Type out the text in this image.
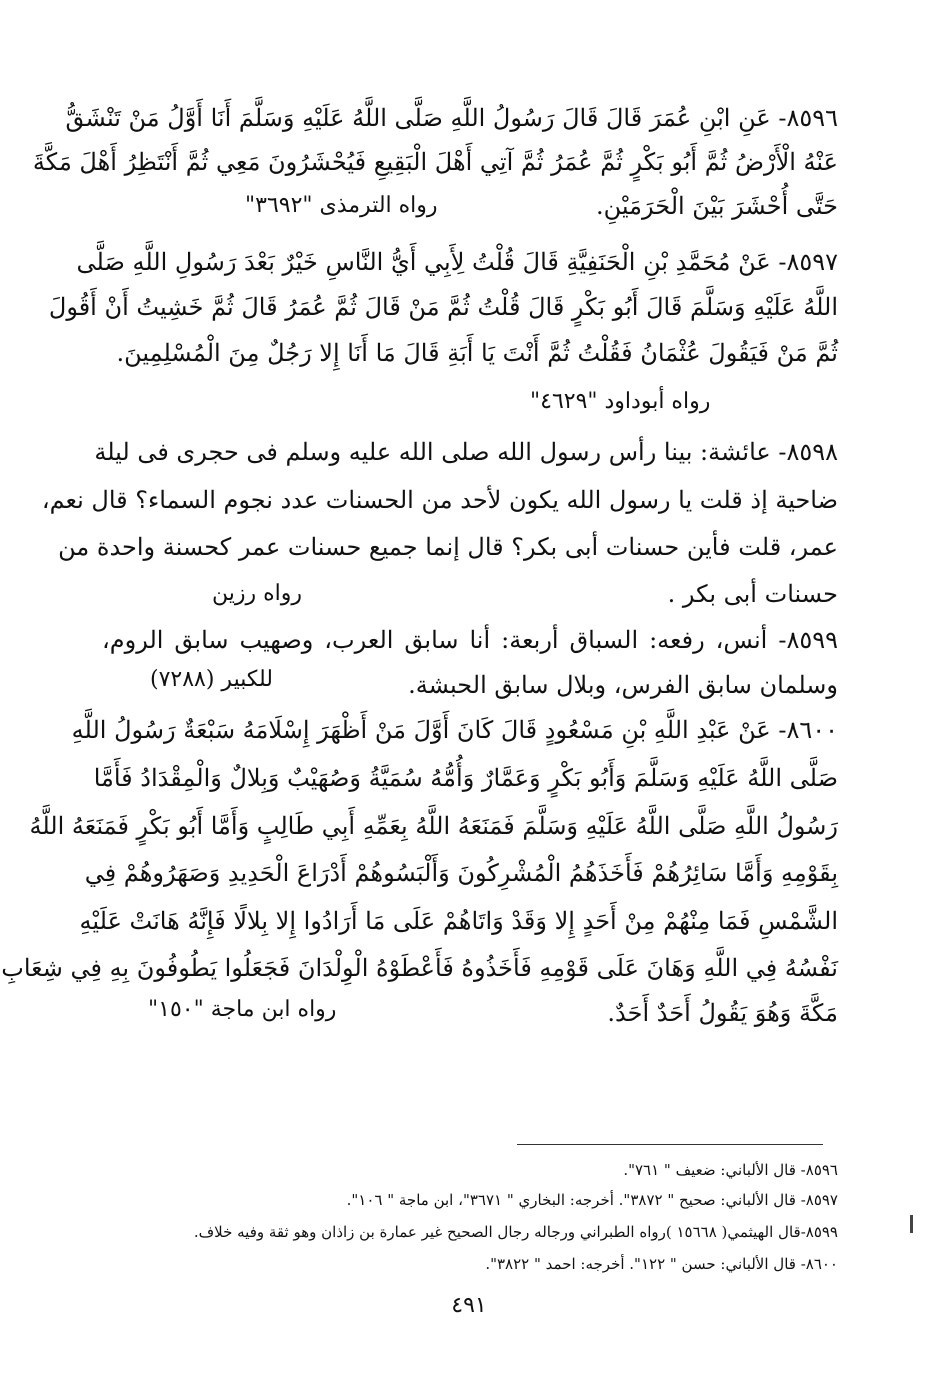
٨٥٩٦- عَنِ ابْنِ عُمَرَ قَالَ قَالَ رَسُولُ اللَّهِ صَلَّى اللَّهُ عَلَيْهِ وَسَلَّمَ أَنَا أَوَّلُ مَنْ تَنْشَقُّ
عَنْهُ الْأَرْضُ ثُمَّ أَبُو بَكْرٍ ثُمَّ عُمَرُ ثُمَّ آتِي أَهْلَ الْبَقِيعِ فَيُحْشَرُونَ مَعِي ثُمَّ أَنْتَظِرُ أَهْلَ مَكَّةَ
حَتَّى أُحْشَرَ بَيْنَ الْحَرَمَيْنِ.
رواه الترمذى "٣٦٩٢"
٨٥٩٧- عَنْ مُحَمَّدِ بْنِ الْحَنَفِيَّةِ قَالَ قُلْتُ لِأَبِي أَيُّ النَّاسِ خَيْرٌ بَعْدَ رَسُولِ اللَّهِ صَلَّى
اللَّهُ عَلَيْهِ وَسَلَّمَ قَالَ أَبُو بَكْرٍ قَالَ قُلْتُ ثُمَّ مَنْ قَالَ ثُمَّ عُمَرُ قَالَ ثُمَّ خَشِيتُ أَنْ أَقُولَ
ثُمَّ مَنْ فَيَقُولَ عُثْمَانُ فَقُلْتُ ثُمَّ أَنْتَ يَا أَبَةِ قَالَ مَا أَنَا إِلا رَجُلٌ مِنَ الْمُسْلِمِينَ.
رواه أبوداود "٤٦٢٩"
٨٥٩٨- عائشة: بينا رأس رسول الله صلى الله عليه وسلم فى حجرى فى ليلة
ضاحية إذ قلت يا رسول الله يكون لأحد من الحسنات عدد نجوم السماء؟ قال نعم،
عمر، قلت فأين حسنات أبى بكر؟ قال إنما جميع حسنات عمر كحسنة واحدة من
حسنات أبى بكر .
رواه رزين
٨٥٩٩- أنس، رفعه: السباق أربعة: أنا سابق العرب، وصهيب سابق الروم،
وسلمان سابق الفرس، وبلال سابق الحبشة.
للكبير (٧٢٨٨)
٨٦٠٠- عَنْ عَبْدِ اللَّهِ بْنِ مَسْعُودٍ قَالَ كَانَ أَوَّلَ مَنْ أَظْهَرَ إِسْلَامَهُ سَبْعَةٌ رَسُولُ اللَّهِ
صَلَّى اللَّهُ عَلَيْهِ وَسَلَّمَ وَأَبُو بَكْرٍ وَعَمَّارٌ وَأُمُّهُ سُمَيَّةُ وَصُهَيْبٌ وَبِلالٌ وَالْمِقْدَادُ فَأَمَّا
رَسُولُ اللَّهِ صَلَّى اللَّهُ عَلَيْهِ وَسَلَّمَ فَمَنَعَهُ اللَّهُ بِعَمِّهِ أَبِي طَالِبٍ وَأَمَّا أَبُو بَكْرٍ فَمَنَعَهُ اللَّهُ
بِقَوْمِهِ وَأَمَّا سَائِرُهُمْ فَأَخَذَهُمُ الْمُشْرِكُونَ وَأَلْبَسُوهُمْ أَدْرَاعَ الْحَدِيدِ وَصَهَرُوهُمْ فِي
الشَّمْسِ فَمَا مِنْهُمْ مِنْ أَحَدٍ إِلا وَقَدْ وَاتَاهُمْ عَلَى مَا أَرَادُوا إِلا بِلالًا فَإِنَّهُ هَانَتْ عَلَيْهِ
نَفْسُهُ فِي اللَّهِ وَهَانَ عَلَى قَوْمِهِ فَأَخَذُوهُ فَأَعْطَوْهُ الْوِلْدَانَ فَجَعَلُوا يَطُوفُونَ بِهِ فِي شِعَابِ
مَكَّةَ وَهُوَ يَقُولُ أَحَدٌ أَحَدٌ.
رواه ابن ماجة "١٥٠"
٨٥٩٦- قال الألباني: ضعيف " ٧٦١".
٨٥٩٧- قال الألباني: صحيح " ٣٨٧٢". أخرجه: البخاري " ٣٦٧١"، ابن ماجة " ١٠٦".
٨٥٩٩-قال الهيثمي( ١٥٦٦٨ )رواه الطبراني ورجاله رجال الصحيح غير عمارة بن زاذان وهو ثقة وفيه خلاف.
٨٦٠٠- قال الألباني: حسن " ١٢٢". أخرجه: احمد " ٣٨٢٢".
٤٩١
